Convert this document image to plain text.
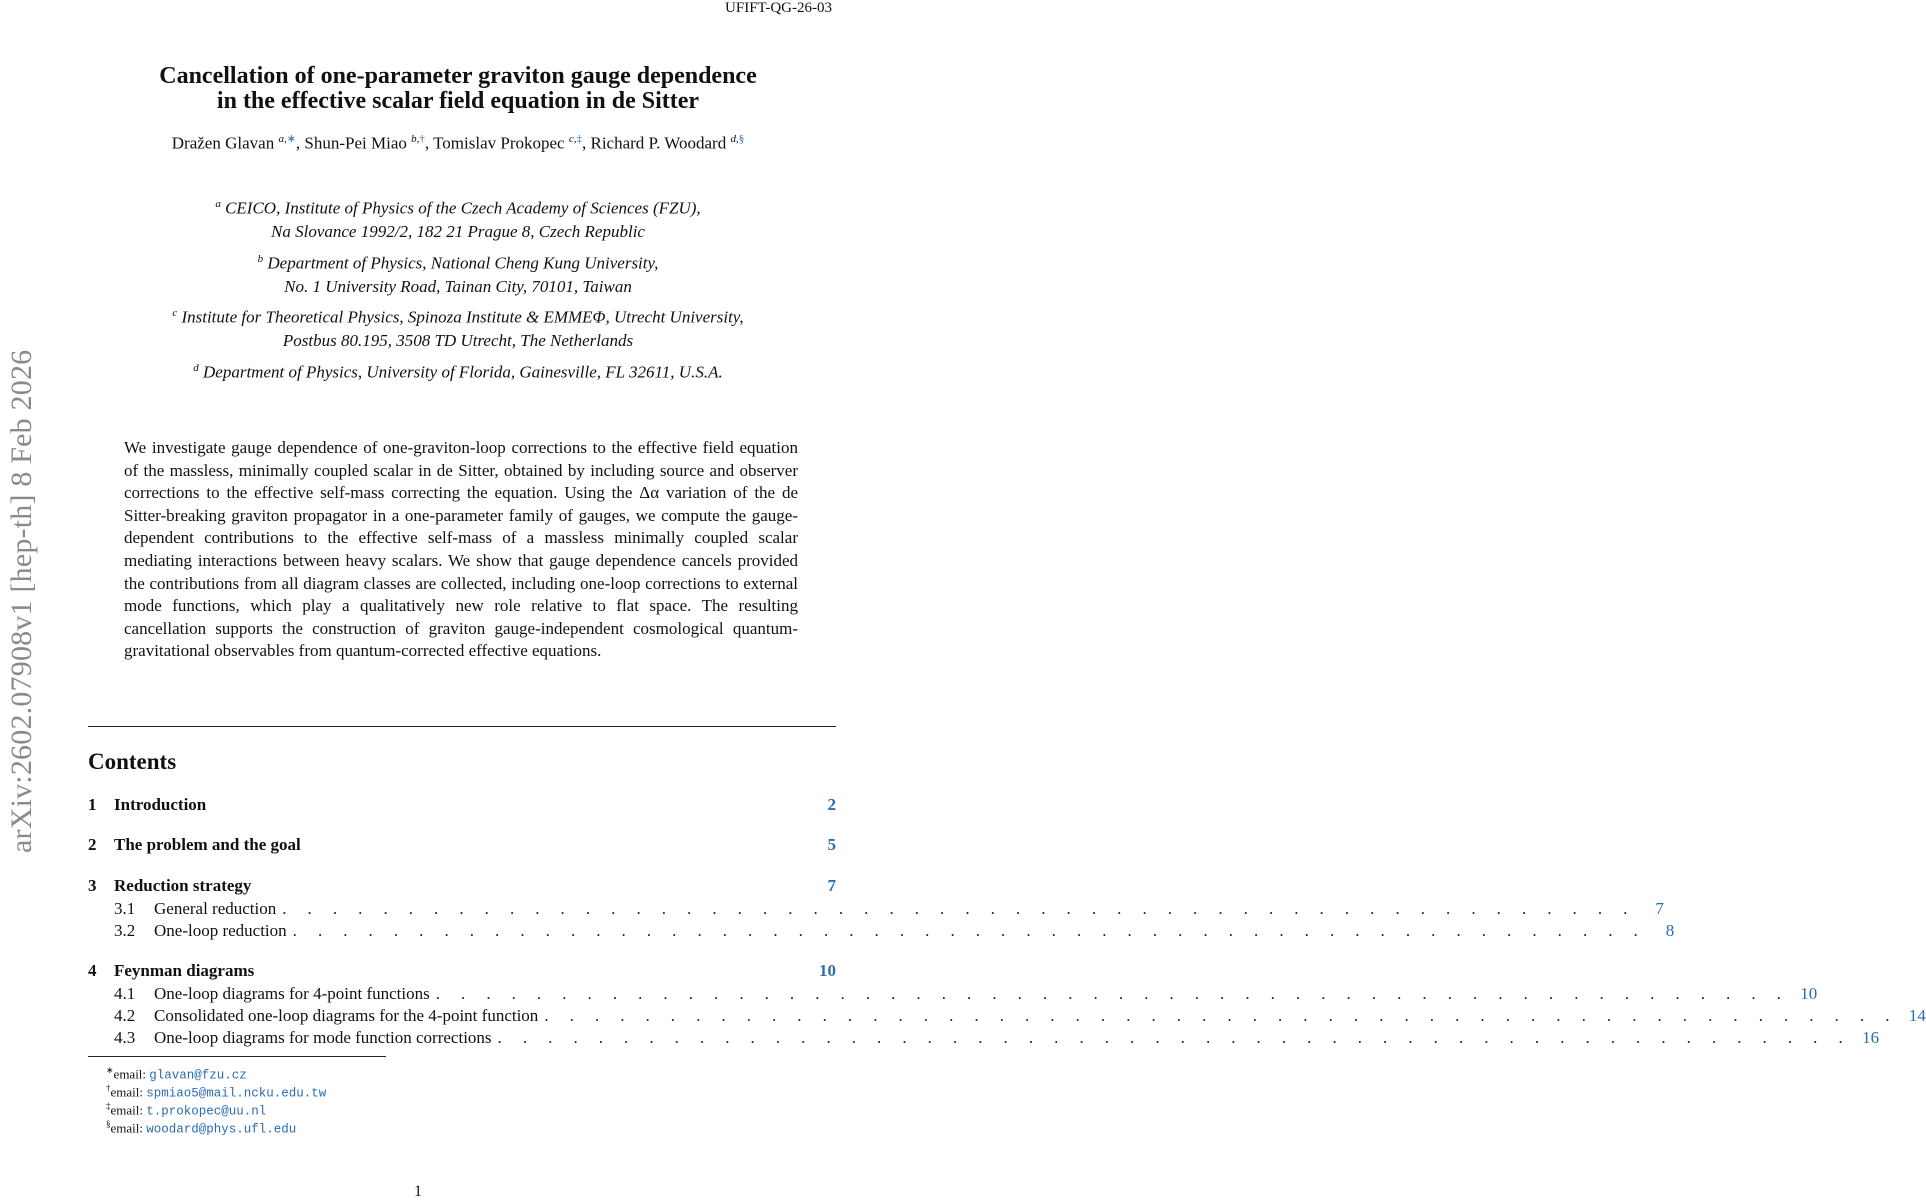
UFIFT-QG-26-03
arXiv:2602.07908v1 [hep-th] 8 Feb 2026
Cancellation of one-parameter graviton gauge dependence
in the effective scalar field equation in de Sitter
Dražen Glavan $^{a,∗}$, Shun-Pei Miao $^{b,\dagger}$, Tomislav Prokopec $^{c,\ddagger}$, Richard P. Woodard $^{d,\S}$
$^a$ CEICO, Institute of Physics of the Czech Academy of Sciences (FZU),
Na Slovance 1992/2, 182 21 Prague 8, Czech Republic
$^b$ Department of Physics, National Cheng Kung University,
No. 1 University Road, Tainan City, 70101, Taiwan
$^c$ Institute for Theoretical Physics, Spinoza Institute & EMMEΦ, Utrecht University,
Postbus 80.195, 3508 TD Utrecht, The Netherlands
$^d$ Department of Physics, University of Florida, Gainesville, FL 32611, U.S.A.
We investigate gauge dependence of one-graviton-loop corrections to the effective field equation of the massless, minimally coupled scalar in de Sitter, obtained by including source and observer corrections to the effective self-mass correcting the equation. Using the Δα variation of the de Sitter-breaking graviton propagator in a one-parameter family of gauges, we compute the gauge-dependent contributions to the effective self-mass of a massless minimally coupled scalar mediating interactions between heavy scalars. We show that gauge dependence cancels provided the contributions from all diagram classes are collected, including one-loop corrections to external mode functions, which play a qualitatively new role relative to flat space. The resulting cancellation supports the construction of graviton gauge-independent cosmological quantum-gravitational observables from quantum-corrected effective equations.
Contents
1	Introduction	2
2	The problem and the goal	5
3	Reduction strategy	7
3.1	General reduction . . . . . . . . . . . . . . . . . . . . . . . . . . . . . . . . . . . . . . . . . . . . . . . . . . . . . .	7
3.2	One-loop reduction . . . . . . . . . . . . . . . . . . . . . . . . . . . . . . . . . . . . . . . . . . . . . . . . . . . . . .	8
4	Feynman diagrams	10
4.1	One-loop diagrams for 4-point functions . . . . . . . . . . . . . . . . . . . . . . . . . . . . . . . . . . . . . . . . . . . . . . . . . . . . . . 10
4.2	Consolidated one-loop diagrams for the 4-point function . . . . . . . . . . . . . . . . . . . . . . . . . . . . . . . . . . . . . . . . . . . . . . . . . . . . . . 14
4.3	One-loop diagrams for mode function corrections . . . . . . . . . . . . . . . . . . . . . . . . . . . . . . . . . . . . . . . . . . . . . . . . . . . . . . 16
∗email: glavan@fzu.cz
†email: spmiao5@mail.ncku.edu.tw
‡email: t.prokopec@uu.nl
§email: woodard@phys.ufl.edu
1
